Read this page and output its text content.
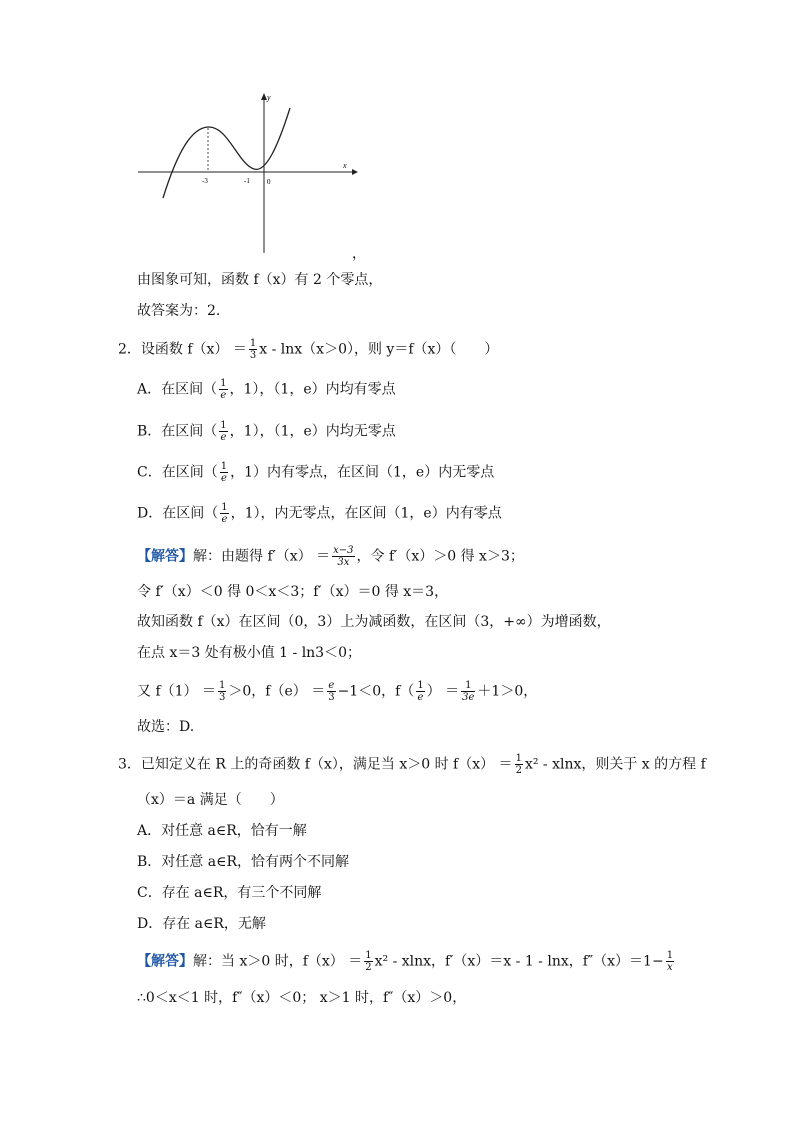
y
x
-3	-1 0
，
由图象可知，函数 f（x）有 2 个零点，
故答案为：2.
2．设函数 $f(x) = \frac{1}{3}$ x - lnx（x＞0），则 y＝f（x）（　　）
A．在区间（ $\frac{1}{e}$ ，1），（1，e）内均有零点
B．在区间（ $\frac{1}{e}$ ，1），（1，e）内均无零点
C．在区间（ $\frac{1}{e}$ ，1）内有零点，在区间（1，e）内无零点
D．在区间（ $\frac{1}{e}$ ，1），内无零点，在区间（1，e）内有零点
【解答】解：由题得 $f'(x) = \frac{x-3}{3x}$ ，令 f′（x）＞0 得 x＞3；
令 f′（x）＜0 得 0＜x＜3；f′（x）＝0 得 x＝3，
故知函数 f（x）在区间（0，3）上为减函数，在区间（3，+∞）为增函数，
在点 x＝3 处有极小值 1 - ln3＜0；
又 $f(1) = \frac{1}{3} >0$，$f(e) = \frac{e}{3} -1<0$，$f( \frac{1}{e}$ ） ＝ $\frac{1}{3e} +1>0$，
故选：D.
3．已知定义在 R 上的奇函数 f（x），满足当 x＞0 时 $f(x) = \frac{1}{2} x^2 - xlnx$，则关于 x 的方程 f
（x）＝a 满足（　　）
A．对任意 a∈R，恰有一解
B．对任意 a∈R，恰有两个不同解
C．存在 a∈R，有三个不同解
D．存在 a∈R，无解
【解答】解：当 x＞0 时，$f(x) = \frac{1}{2} x^2 - xlnx$，f′（x）＝x - 1 - lnx，$f''(x)=1- \frac{1}{x}$
∴0＜x＜1 时，f″（x）＜0； x＞1 时，f″（x）＞0，
